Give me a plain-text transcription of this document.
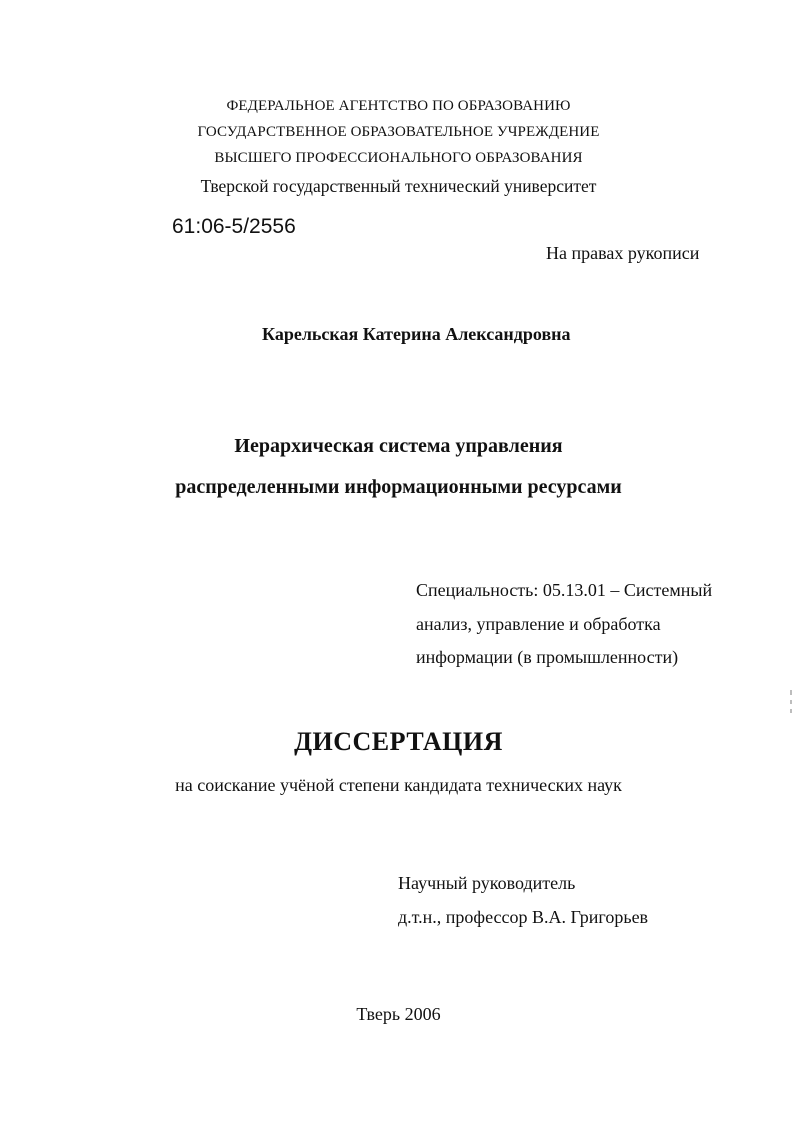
ФЕДЕРАЛЬНОЕ АГЕНТСТВО ПО ОБРАЗОВАНИЮ
ГОСУДАРСТВЕННОЕ ОБРАЗОВАТЕЛЬНОЕ УЧРЕЖДЕНИЕ
ВЫСШЕГО ПРОФЕССИОНАЛЬНОГО ОБРАЗОВАНИЯ
Тверской государственный технический университет
61:06-5/2556
На правах рукописи
Карельская Катерина Александровна
Иерархическая система управления
распределенными информационными ресурсами
Специальность: 05.13.01 – Системный
анализ, управление и обработка
информации (в промышленности)
ДИССЕРТАЦИЯ
на соискание учёной степени кандидата технических наук
Научный руководитель
д.т.н., профессор В.А. Григорьев
Тверь 2006
